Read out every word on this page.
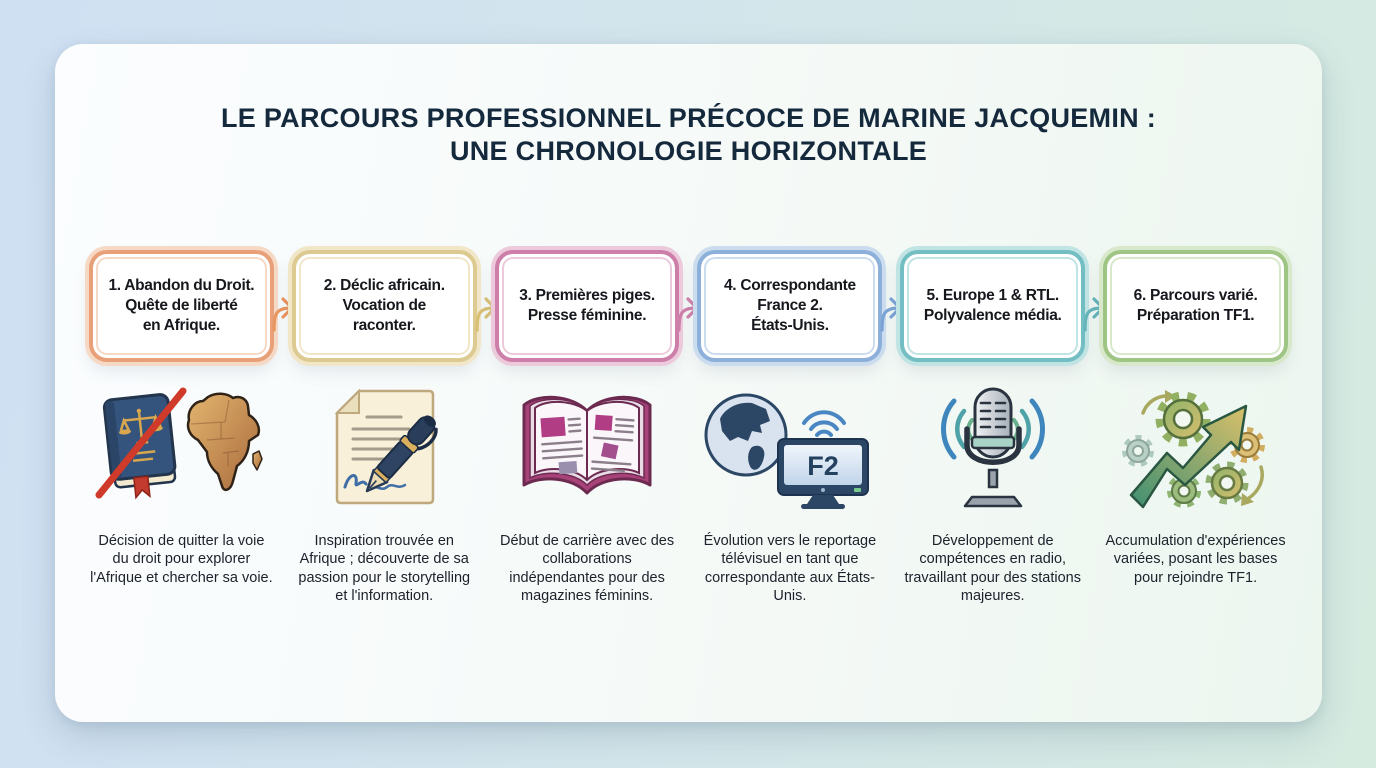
LE PARCOURS PROFESSIONNEL PRÉCOCE DE MARINE JACQUEMIN :
UNE CHRONOLOGIE HORIZONTALE
1. Abandon du Droit.
Quête de liberté
en Afrique.

Décision de quitter la voie du droit pour explorer l'Afrique et chercher sa voie.

2. Déclic africain.
Vocation de
raconter.

Inspiration trouvée en Afrique ; découverte de sa passion pour le storytelling et l'information.

3. Premières piges.
Presse féminine.

Début de carrière avec des collaborations indépendantes pour des magazines féminins.

4. Correspondante
France 2.
États-Unis.
F2

Évolution vers le reportage télévisuel en tant que correspondante aux États-Unis.

5. Europe 1 & RTL.
Polyvalence média.

Développement de compétences en radio, travaillant pour des stations majeures.

6. Parcours varié.
Préparation TF1.

Accumulation d'expériences variées, posant les bases pour rejoindre TF1.
